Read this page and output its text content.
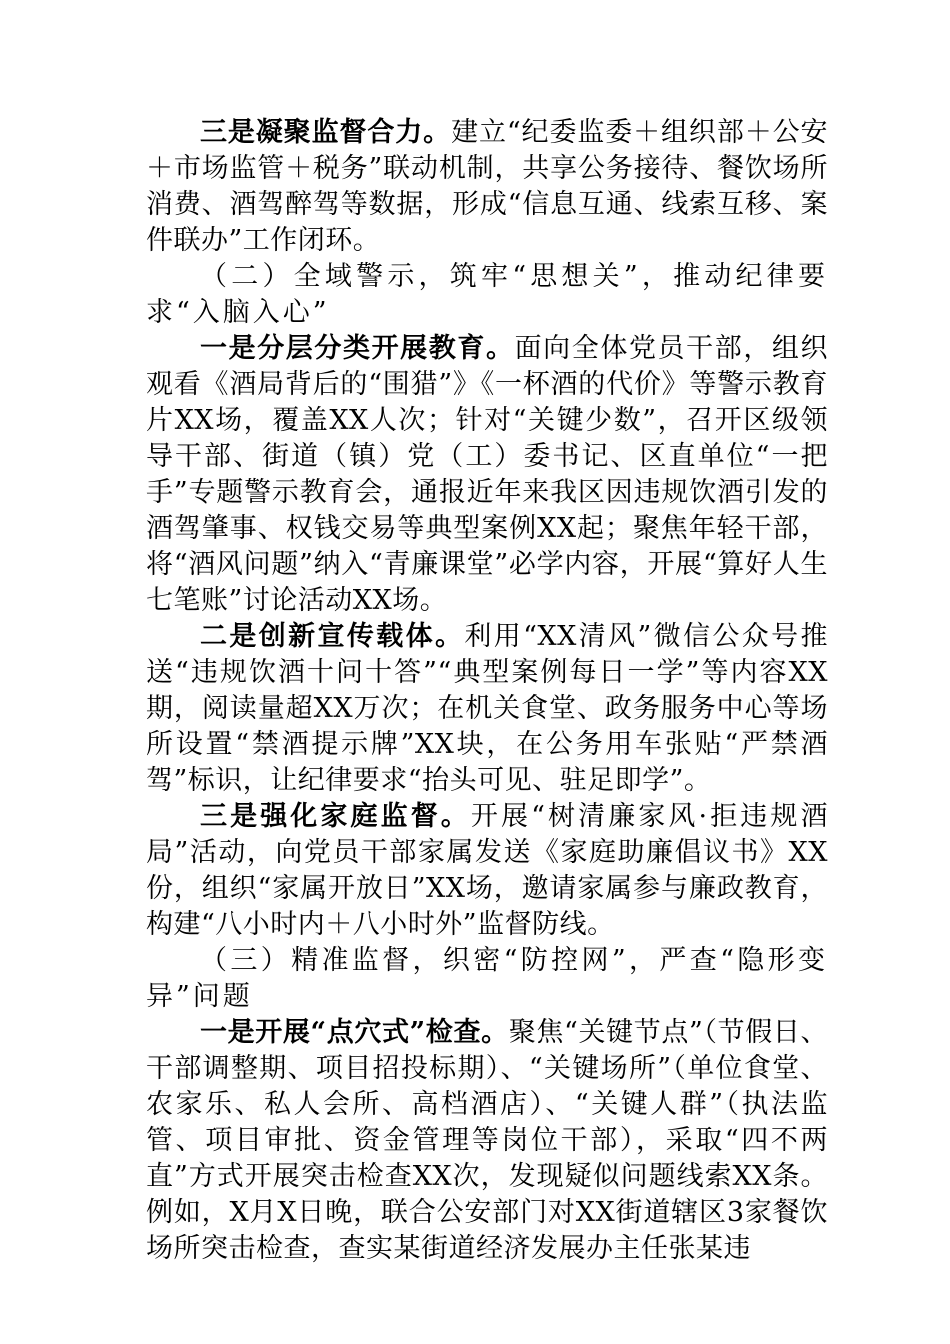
三是凝聚监督合力。建立“纪委监委＋组织部＋公安＋市场监管＋税务”联动机制，共享公务接待、餐饮场所消费、酒驾醉驾等数据，形成“信息互通、线索互移、案件联办”工作闭环。

（二）全域警示，筑牢“思想关”，推动纪律要求“入脑入心”

一是分层分类开展教育。面向全体党员干部，组织观看《酒局背后的“围猎”》《一杯酒的代价》等警示教育片XX场，覆盖XX人次；针对“关键少数”，召开区级领导干部、街道（镇）党（工）委书记、区直单位“一把手”专题警示教育会，通报近年来我区因违规饮酒引发的酒驾肇事、权钱交易等典型案例XX起；聚焦年轻干部，将“酒风问题”纳入“青廉课堂”必学内容，开展“算好人生七笔账”讨论活动XX场。

二是创新宣传载体。利用“XX清风”微信公众号推送“违规饮酒十问十答”“典型案例每日一学”等内容XX期，阅读量超XX万次；在机关食堂、政务服务中心等场所设置“禁酒提示牌”XX块，在公务用车张贴“严禁酒驾”标识，让纪律要求“抬头可见、驻足即学”。

三是强化家庭监督。开展“树清廉家风·拒违规酒局”活动，向党员干部家属发送《家庭助廉倡议书》XX份，组织“家属开放日”XX场，邀请家属参与廉政教育，构建“八小时内＋八小时外”监督防线。

（三）精准监督，织密“防控网”，严查“隐形变异”问题

一是开展“点穴式”检查。聚焦“关键节点”（节假日、干部调整期、项目招投标期）、“关键场所”（单位食堂、农家乐、私人会所、高档酒店）、“关键人群”（执法监管、项目审批、资金管理等岗位干部），采取“四不两直”方式开展突击检查XX次，发现疑似问题线索XX条。例如，X月X日晚，联合公安部门对XX街道辖区3家餐饮场所突击检查，查实某街道经济发展办主任张某违
